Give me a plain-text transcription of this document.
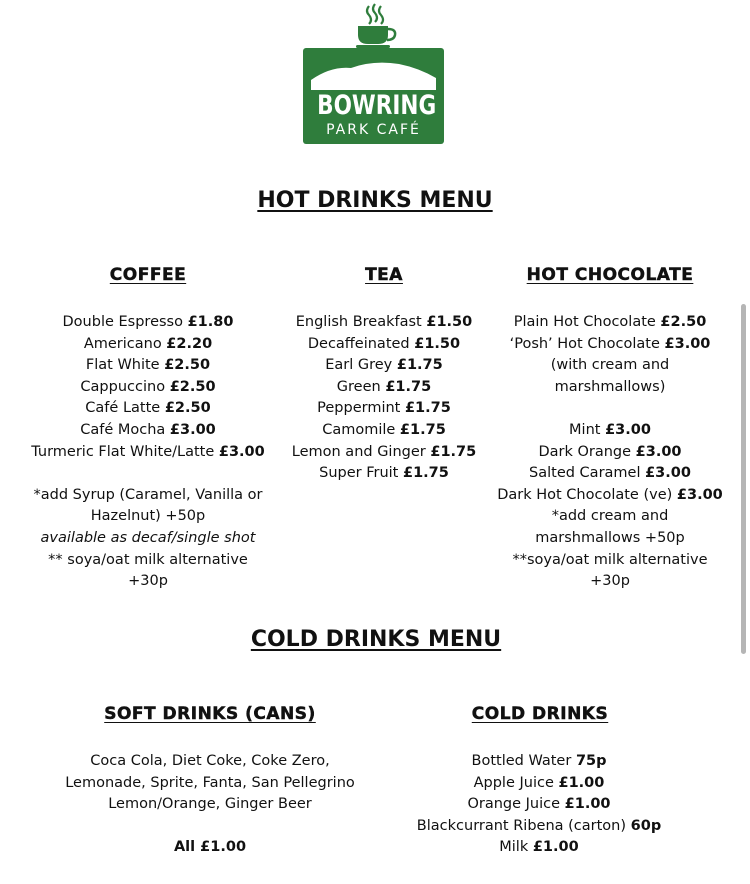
BOWRING
PARK CAFÉ
HOT DRINKS MENU
COFFEE
Double Espresso £1.80
Americano £2.20
Flat White £2.50
Cappuccino £2.50
Café Latte £2.50
Café Mocha £3.00
Turmeric Flat White/Latte £3.00
*add Syrup (Caramel, Vanilla or
Hazelnut) +50p
available as decaf/single shot
** soya/oat milk alternative
+30p
TEA
English Breakfast £1.50
Decaffeinated £1.50
Earl Grey £1.75
Green £1.75
Peppermint £1.75
Camomile £1.75
Lemon and Ginger £1.75
Super Fruit £1.75
HOT CHOCOLATE
Plain Hot Chocolate £2.50
‘Posh’ Hot Chocolate £3.00
(with cream and
marshmallows)
Mint £3.00
Dark Orange £3.00
Salted Caramel £3.00
Dark Hot Chocolate (ve) £3.00
*add cream and
marshmallows +50p
**soya/oat milk alternative
+30p
COLD DRINKS MENU
SOFT DRINKS (CANS)
Coca Cola, Diet Coke, Coke Zero,
Lemonade, Sprite, Fanta, San Pellegrino
Lemon/Orange, Ginger Beer
All £1.00
COLD DRINKS
Bottled Water 75p
Apple Juice £1.00
Orange Juice £1.00
Blackcurrant Ribena (carton) 60p
Milk £1.00
